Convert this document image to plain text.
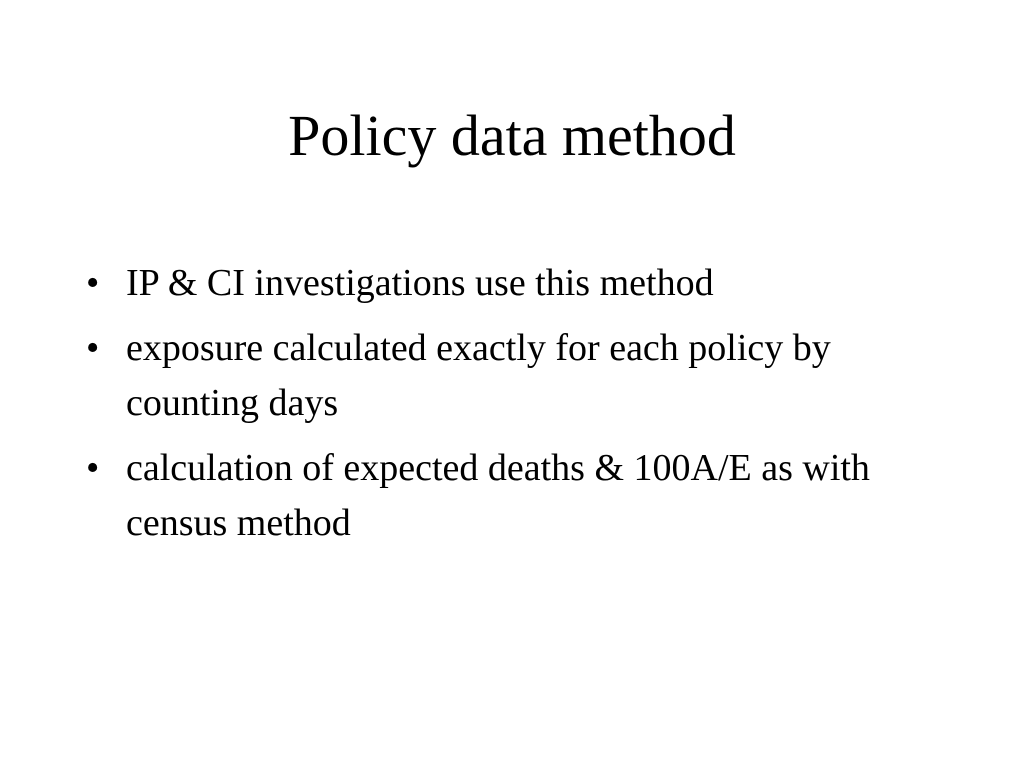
Policy data method
• IP & CI investigations use this method
• exposure calculated exactly for each policy by counting days
• calculation of expected deaths & 100A/E as with census method
